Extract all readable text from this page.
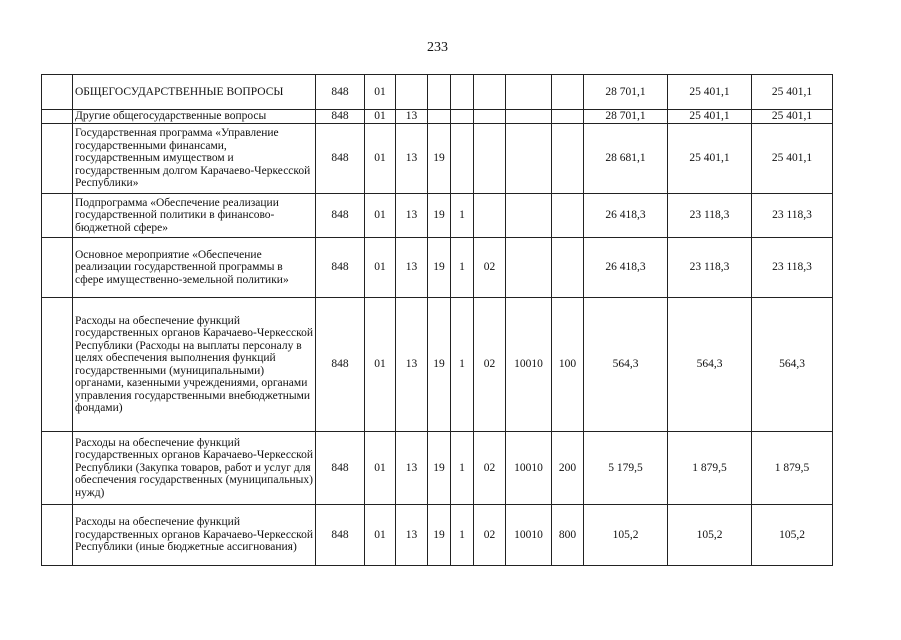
233
	ОБЩЕГОСУДАРСТВЕННЫЕ ВОПРОСЫ	848	01							28 701,1	25 401,1	25 401,1
	Другие общегосударственные вопросы	848	01	13						28 701,1	25 401,1	25 401,1
	Государственная программа «Управление государственными финансами, государственным имуществом и государственным долгом Карачаево-Черкесской Республики»	848	01	13	19					28 681,1	25 401,1	25 401,1
	Подпрограмма «Обеспечение реализации государственной политики в финансово-бюджетной сфере»	848	01	13	19	1				26 418,3	23 118,3	23 118,3
	Основное мероприятие «Обеспечение реализации государственной программы в сфере имущественно-земельной политики»	848	01	13	19	1	02			26 418,3	23 118,3	23 118,3
	Расходы на обеспечение функций государственных органов Карачаево-Черкесской Республики (Расходы на выплаты персоналу в целях обеспечения выполнения функций государственными (муниципальными) органами, казенными учреждениями, органами управления государственными внебюджетными фондами)	848	01	13	19	1	02	10010	100	564,3	564,3	564,3
	Расходы на обеспечение функций государственных органов Карачаево-Черкесской Республики (Закупка товаров, работ и услуг для обеспечения государственных (муниципальных) нужд)	848	01	13	19	1	02	10010	200	5 179,5	1 879,5	1 879,5
	Расходы на обеспечение функций государственных органов Карачаево-Черкесской Республики (иные бюджетные ассигнования)	848	01	13	19	1	02	10010	800	105,2	105,2	105,2
